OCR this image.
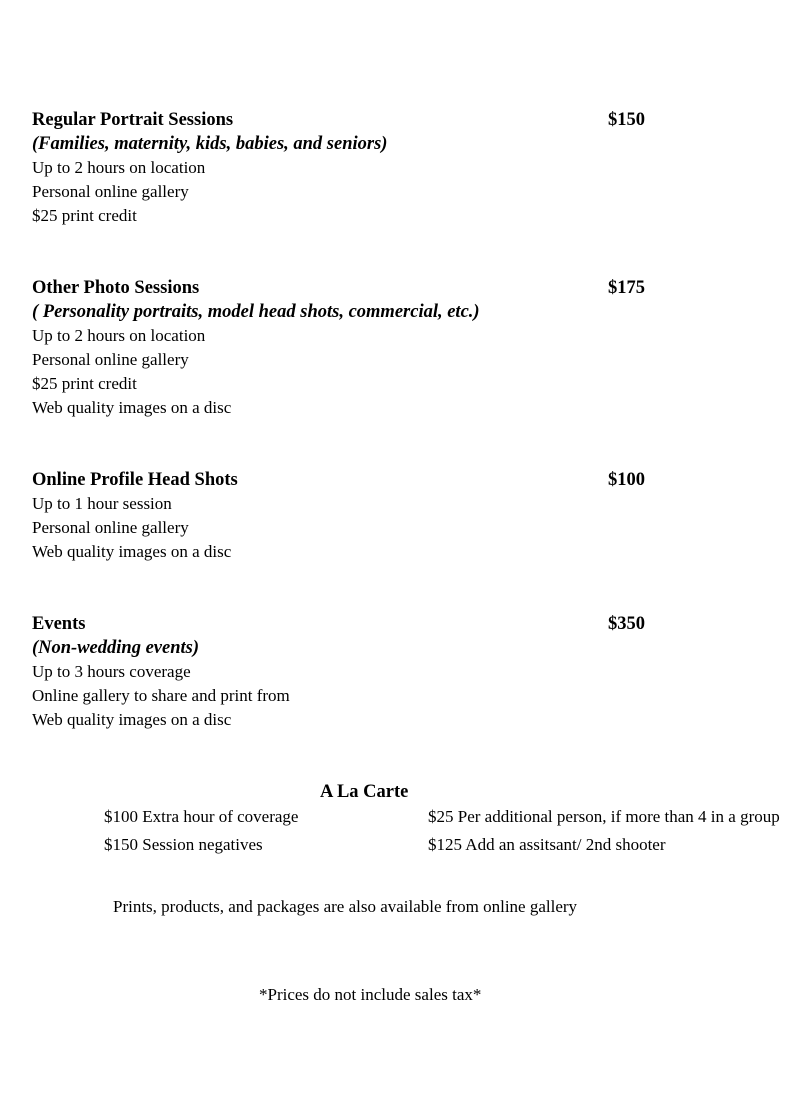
Regular Portrait Sessions	$150
(Families, maternity, kids, babies, and seniors)
Up to 2 hours on location
Personal online gallery
$25 print credit
Other Photo Sessions	$175
( Personality portraits, model head shots, commercial, etc.)
Up to 2 hours on location
Personal online gallery
$25 print credit
Web quality images on a disc
Online Profile Head Shots	$100
Up to 1 hour session
Personal online gallery
Web quality images on a disc
Events	$350
(Non-wedding events)
Up to 3 hours coverage
Online gallery to share and print from
Web quality images on a disc
A La Carte
$100 Extra hour of coverage	$25 Per additional person, if more than 4 in a group
$150 Session negatives	$125 Add an assitsant/ 2nd shooter
Prints, products, and packages are also available from online gallery
*Prices do not include sales tax*
